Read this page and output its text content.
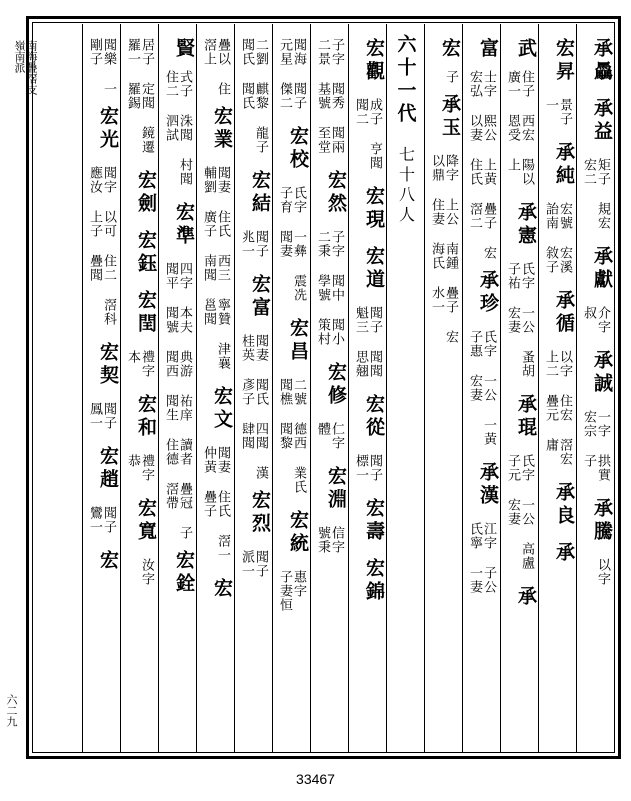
嶺南派 南海疊滘支
六二九
承驫
承益
矩子
宏二
規宏
承獻
介字
叔
承誠
一字
宏宗
拱實
子
承騰
以字
宏昇
景子
一
承純
宏號
詒南
宏溪
敘子
承循
以字
上二
住宏
疊元
滘宏
庸
承良
承
武
住子
廣一
西宏
恩受
陽以
上
承憲
氏字
子祐
一公
宏妻
蚤胡
承琨
氏字
子元
一公
宏妻
高盧
承
富
士字
宏弘
熙公
以妻
上黃
住氏
疊子
滘二
宏
承珍
氏字
子惠
一公
宏妻
一黃
承漢
江字
氏寧
子公
一妻
宏
子
承玉
降字
以鼎
上公
住妻
南鍾
海氏
疊子
水一
宏
六十一代
七十八人
宏觀
成子
聞二
亨聞
宏現
宏道
聞子
魁三
聞聞
思翹
宏從
聞子
標一
宏壽
宏錦
子字
二景
聞秀
基號
聞兩
至堂
宏然
子字
二秉
聞中
學號
聞小
策村
宏修
仁字
體
宏淵
信字
號秉
聞海
元星
聞子
傑二
宏校
氏字
子育
一彝
聞妻
震冼
宏昌
二號
聞樵
德西
聞黎
業氏
宏統
惠字
子妻恒
二劉
聞氏
麒黎
聞氏
龍子
宏結
聞子
兆一
宏富
聞妻
桂英
聞氏
彥子
四聞
肆聞
漢
宏烈
聞子
派一
疊以
滘上
住
宏業
聞妻
輔劉
住氏
廣子
西三
南聞
寧贊
邕聞
津襄
宏文
聞妻
仲黃
住氏
疊子
滘一
宏
賢
式子
住二
洙聞
泗試
村聞
宏準
四字
聞平
本夫
聞號
典游
聞西
祐庠
聞生
讀者
住德
疊冠
滘帶
子
宏銓
居子
羅一
定聞
羅錫
鏡遷
宏劍
宏鈺
宏閏
禮字
本
宏和
禮字
恭
宏寬
汝字
聞樂
剛子
一
宏光
聞字
應汝
以可
上子
住二
疊聞
滘科
宏契
聞子
鳳一
宏趙
聞子
鸞一
宏
33467
